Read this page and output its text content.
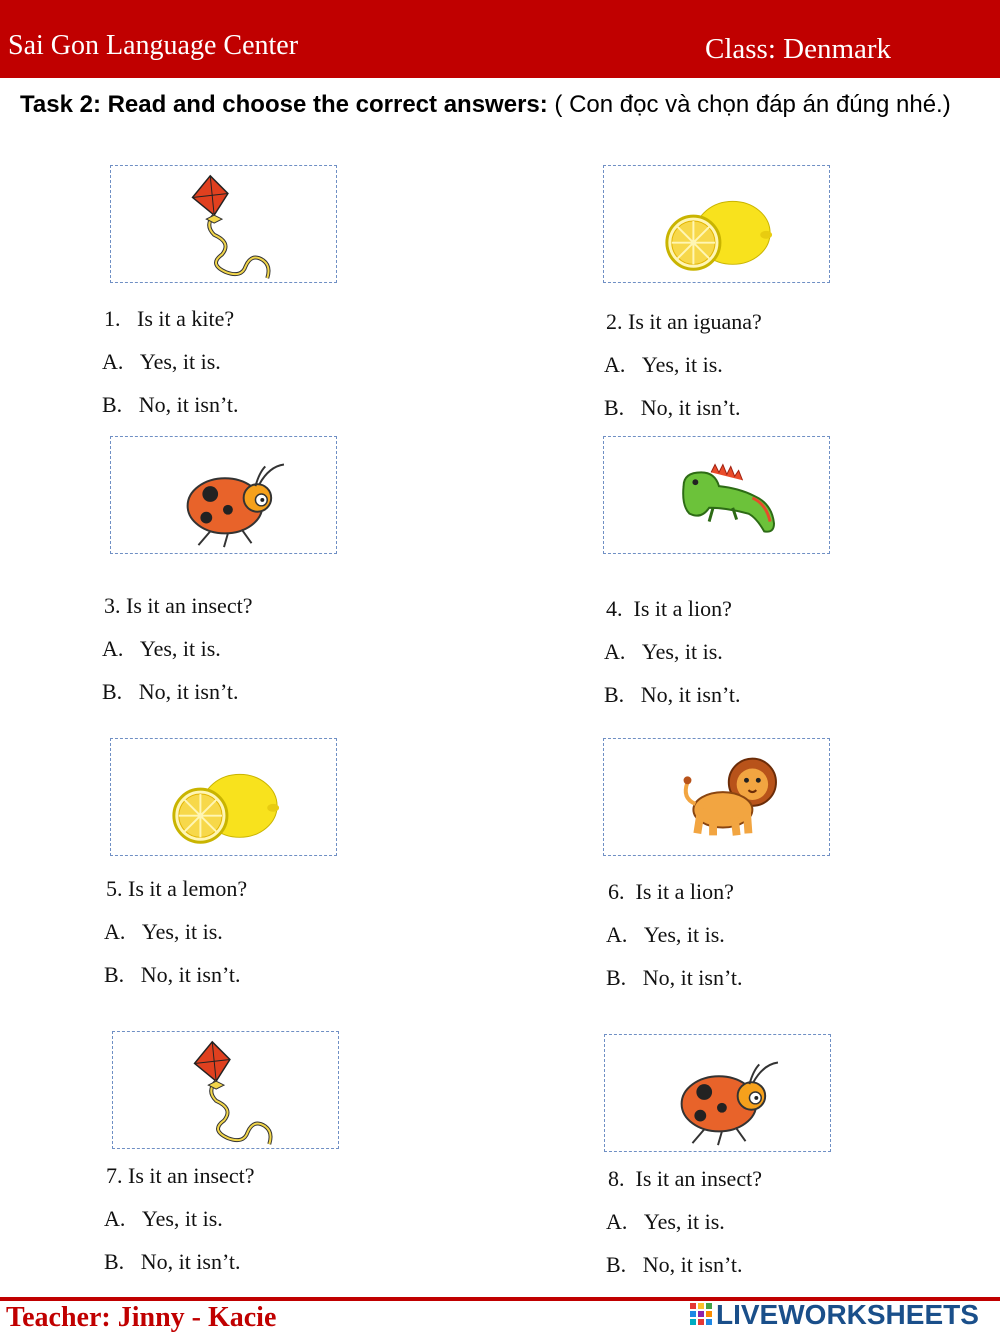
Sai Gon Language Center	Class: Denmark
Task 2: Read and choose the correct answers: ( Con đọc và chọn đáp án đúng nhé.)
1. Is it a kite?
A. Yes, it is.
B. No, it isn’t.
2. Is it an iguana?
A. Yes, it is.
B. No, it isn’t.
3. Is it an insect?
A. Yes, it is.
B. No, it isn’t.
4. Is it a lion?
A. Yes, it is.
B. No, it isn’t.
5. Is it a lemon?
A. Yes, it is.
B. No, it isn’t.
6. Is it a lion?
A. Yes, it is.
B. No, it isn’t.
7. Is it an insect?
A. Yes, it is.
B. No, it isn’t.
8. Is it an insect?
A. Yes, it is.
B. No, it isn’t.
Teacher: Jinny - Kacie	LIVEWORKSHEETS
